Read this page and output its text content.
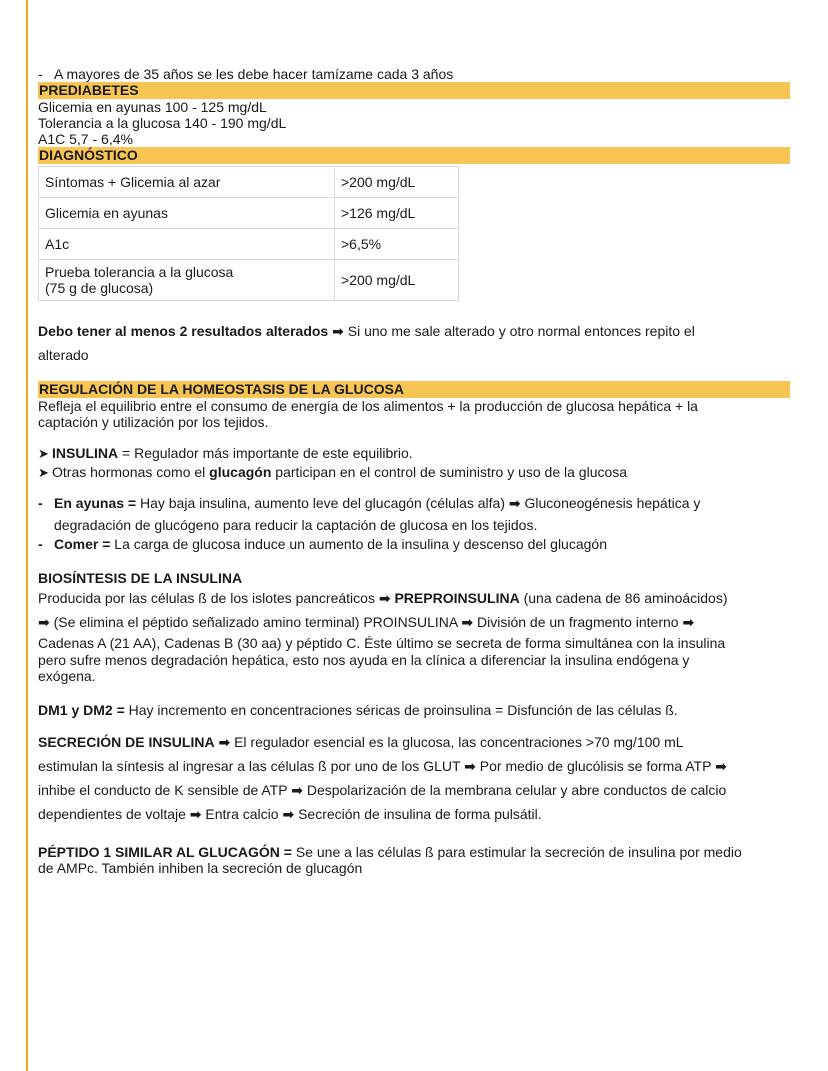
- A mayores de 35 años se les debe hacer tamízame cada 3 años
PREDIABETES
Glicemia en ayunas 100 - 125 mg/dL
Tolerancia a la glucosa 140 - 190 mg/dL
A1C 5,7 - 6,4%
DIAGNÓSTICO
Síntomas + Glicemia al azar	>200 mg/dL
Glicemia en ayunas	>126 mg/dL
A1c	>6,5%

Prueba tolerancia a la glucosa
(75 g de glucosa)	>200 mg/dL
Debo tener al menos 2 resultados alterados ➡ Si uno me sale alterado y otro normal entonces repito el
alterado
REGULACIÓN DE LA HOMEOSTASIS DE LA GLUCOSA
Refleja el equilibrio entre el consumo de energía de los alimentos + la producción de glucosa hepática + la
captación y utilización por los tejidos.
➤ INSULINA = Regulador más importante de este equilibrio.
➤ Otras hormonas como el glucagón participan en el control de suministro y uso de la glucosa
- En ayunas = Hay baja insulina, aumento leve del glucagón (células alfa) ➡ Gluconeogénesis hepática y
degradación de glucógeno para reducir la captación de glucosa en los tejidos.
- Comer = La carga de glucosa induce un aumento de la insulina y descenso del glucagón
BIOSÍNTESIS DE LA INSULINA
Producida por las células ß de los islotes pancreáticos ➡ PREPROINSULINA (una cadena de 86 aminoácidos)
➡ (Se elimina el péptido señalizado amino terminal) PROINSULINA ➡ División de un fragmento interno ➡
Cadenas A (21 AA), Cadenas B (30 aa) y péptido C. Éste último se secreta de forma simultánea con la insulina
pero sufre menos degradación hepática, esto nos ayuda en la clínica a diferenciar la insulina endógena y
exógena.
DM1 y DM2 = Hay incremento en concentraciones séricas de proinsulina = Disfunción de las células ß.
SECRECIÓN DE INSULINA ➡ El regulador esencial es la glucosa, las concentraciones >70 mg/100 mL
estimulan la síntesis al ingresar a las células ß por uno de los GLUT ➡ Por medio de glucólisis se forma ATP ➡
inhibe el conducto de K sensible de ATP ➡ Despolarización de la membrana celular y abre conductos de calcio
dependientes de voltaje ➡ Entra calcio ➡ Secreción de insulina de forma pulsátil.
PÉPTIDO 1 SIMILAR AL GLUCAGÓN = Se une a las células ß para estimular la secreción de insulina por medio
de AMPc. También inhiben la secreción de glucagón
